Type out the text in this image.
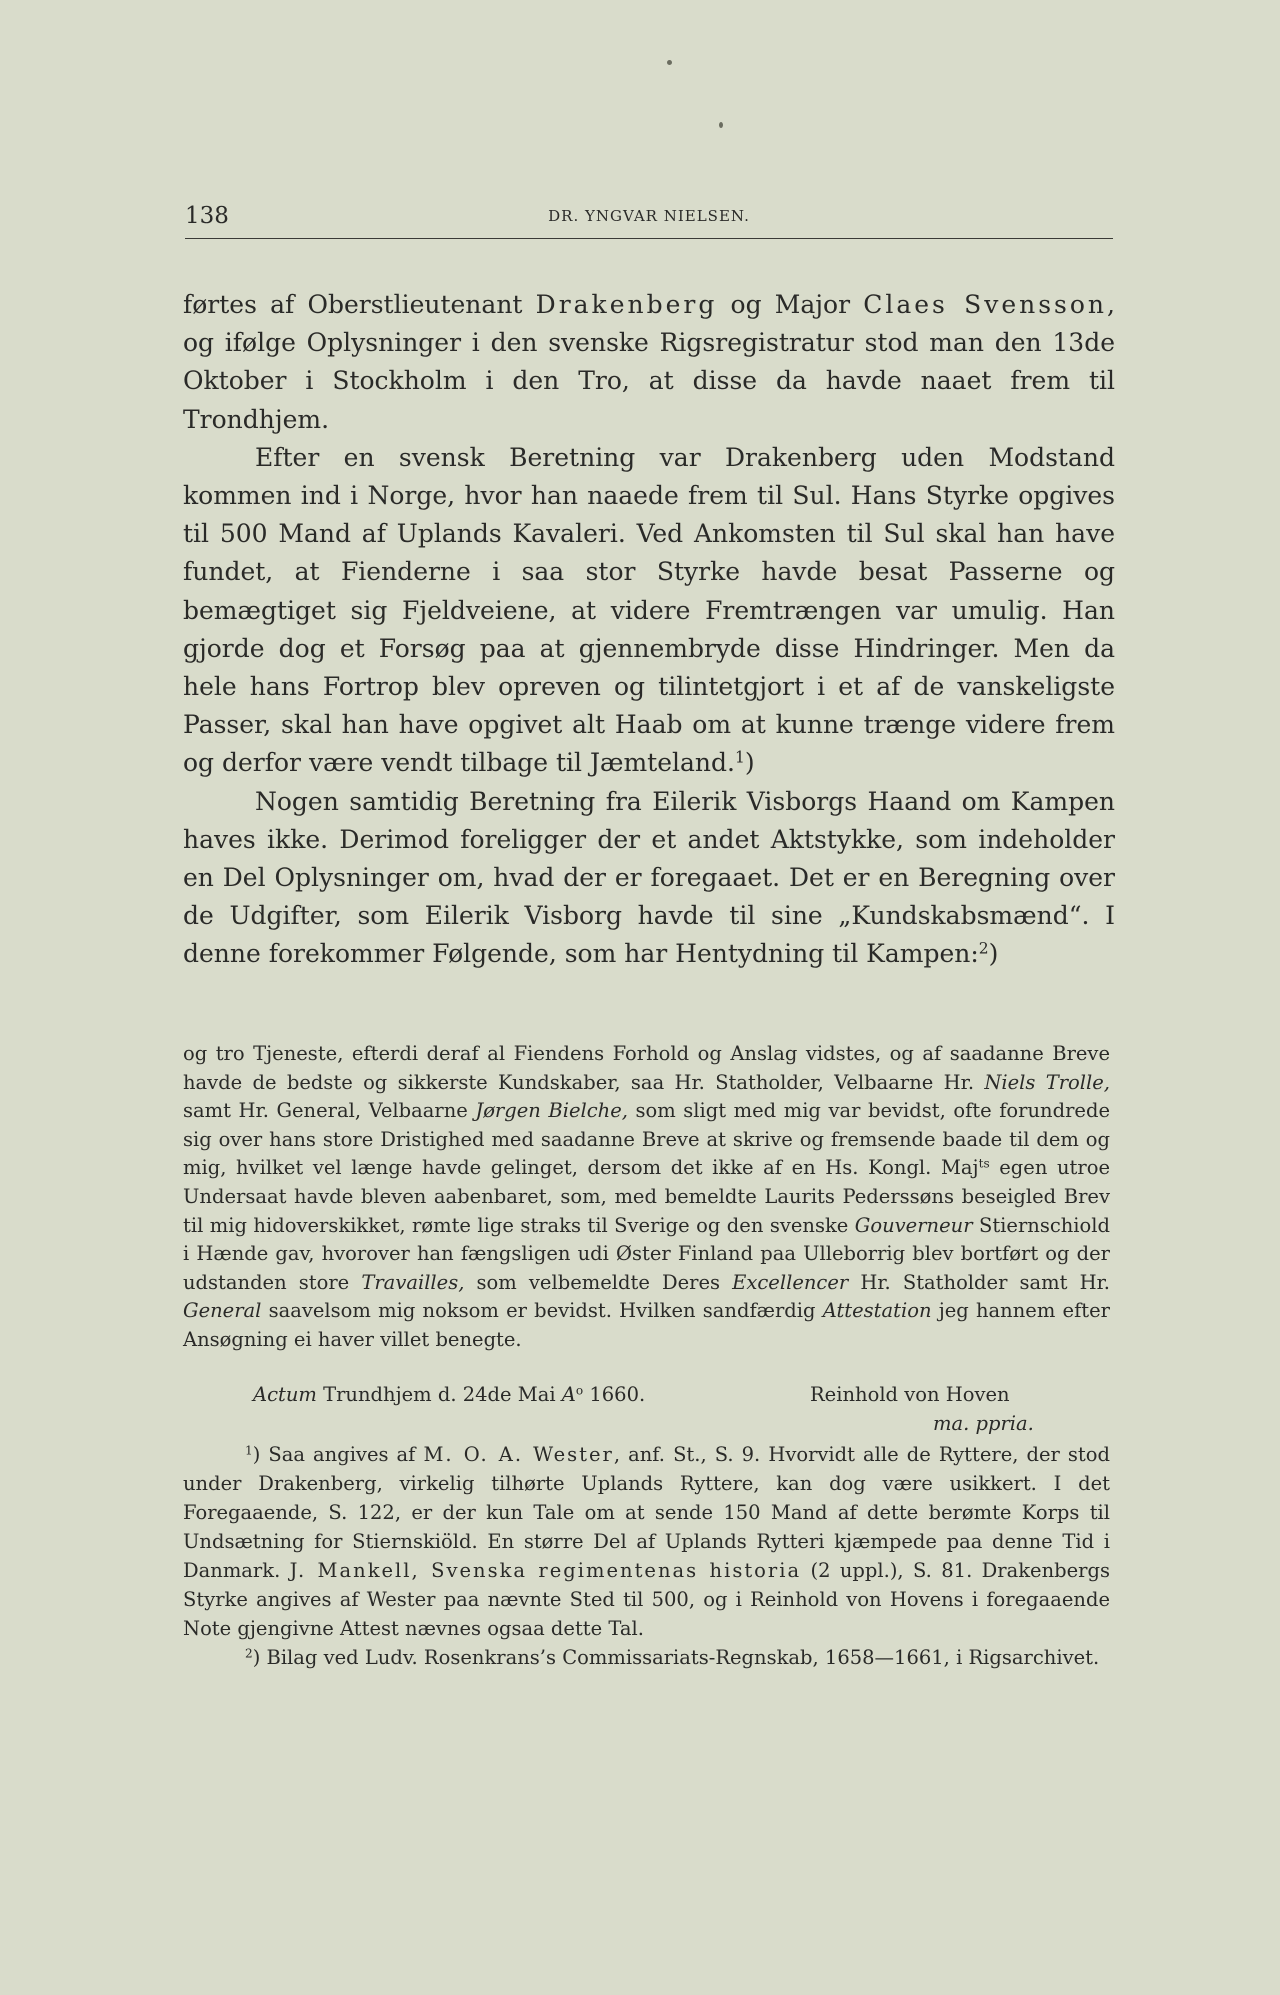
138	DR. YNGVAR NIELSEN.

førtes af Oberstlieutenant Drakenberg og Major Claes Svensson, og ifølge Oplysninger i den svenske Rigsregistratur stod man den 13de Oktober i Stockholm i den Tro, at disse da havde naaet frem til Trondhjem.

Efter en svensk Beretning var Drakenberg uden Modstand kommen ind i Norge, hvor han naaede frem til Sul. Hans Styrke opgives til 500 Mand af Uplands Kavaleri. Ved Ankomsten til Sul skal han have fundet, at Fienderne i saa stor Styrke havde besat Passerne og bemægtiget sig Fjeldveiene, at videre Fremtrængen var umulig. Han gjorde dog et Forsøg paa at gjennembryde disse Hindringer. Men da hele hans Fortrop blev opreven og tilintetgjort i et af de vanskeligste Passer, skal han have opgivet alt Haab om at kunne trænge videre frem og derfor være vendt tilbage til Jæmteland.$^1$)

Nogen samtidig Beretning fra Eilerik Visborgs Haand om Kampen haves ikke. Derimod foreligger der et andet Aktstykke, som indeholder en Del Oplysninger om, hvad der er foregaaet. Det er en Beregning over de Udgifter, som Eilerik Visborg havde til sine „Kundskabsmænd“. I denne forekommer Følgende, som har Hentydning til Kampen:$^2$)

og tro Tjeneste, efterdi deraf al Fiendens Forhold og Anslag vidstes, og af saadanne Breve havde de bedste og sikkerste Kundskaber, saa Hr. Statholder, Velbaarne Hr. Niels Trolle, samt Hr. General, Velbaarne Jørgen Bielche, som sligt med mig var bevidst, ofte forundrede sig over hans store Dristighed med saadanne Breve at skrive og fremsende baade til dem og mig, hvilket vel længe havde gelinget, dersom det ikke af en Hs. Kongl. Maj$^{ts}$ egen utroe Undersaat havde bleven aabenbaret, som, med bemeldte Laurits Pederssøns beseigled Brev til mig hidoverskikket, rømte lige straks til Sverige og den svenske Gouverneur Stiernschiold i Hænde gav, hvorover han fængsligen udi Øster Finland paa Ulleborrig blev bortført og der udstanden store Travailles, som velbemeldte Deres Excellencer Hr. Statholder samt Hr. General saavelsom mig noksom er bevidst. Hvilken sandfærdig Attestation jeg hannem efter Ansøgning ei haver villet benegte.

Actum Trundhjem d. 24de Mai $A^o$ 1660.	Reinhold von Hoven
ma. ppria.

$^1$) Saa angives af M. O. A. Wester, anf. St., S. 9. Hvorvidt alle de Ryttere, der stod under Drakenberg, virkelig tilhørte Uplands Ryttere, kan dog være usikkert. I det Foregaaende, S. 122, er der kun Tale om at sende 150 Mand af dette berømte Korps til Undsætning for Stiernskiöld. En større Del af Uplands Rytteri kjæmpede paa denne Tid i Danmark. J. Mankell, Svenska regimentenas historia (2 uppl.), S. 81. Drakenbergs Styrke angives af Wester paa nævnte Sted til 500, og i Reinhold von Hovens i foregaaende Note gjengivne Attest nævnes ogsaa dette Tal.

$^2$) Bilag ved Ludv. Rosenkrans’s Commissariats-Regnskab, 1658—1661, i Rigsarchivet.
